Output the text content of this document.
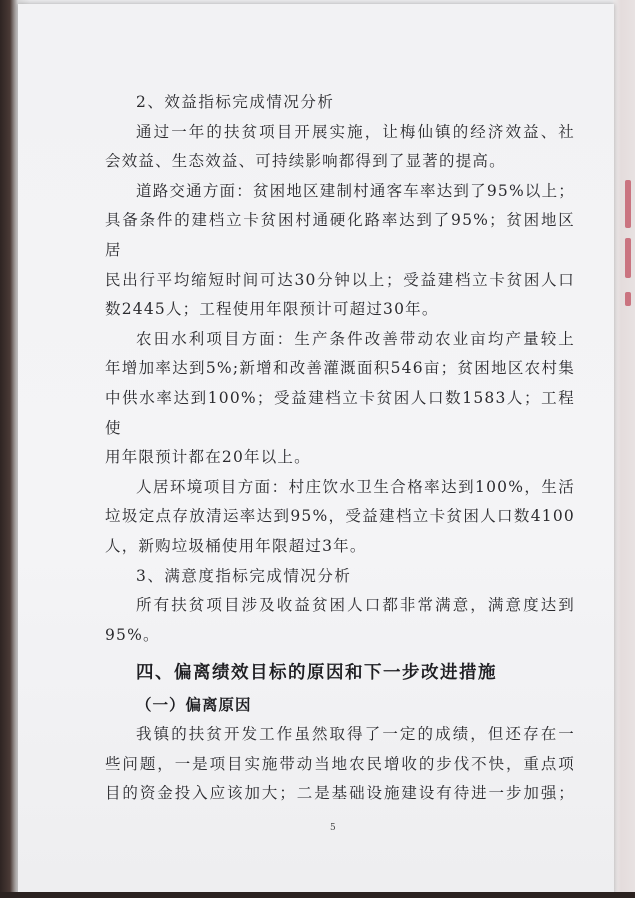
2、效益指标完成情况分析

通过一年的扶贫项目开展实施，让梅仙镇的经济效益、社

会效益、生态效益、可持续影响都得到了显著的提高。

道路交通方面：贫困地区建制村通客车率达到了95%以上；

具备条件的建档立卡贫困村通硬化路率达到了95%；贫困地区居

民出行平均缩短时间可达30分钟以上；受益建档立卡贫困人口

数2445人；工程使用年限预计可超过30年。

农田水利项目方面：生产条件改善带动农业亩均产量较上

年增加率达到5%;新增和改善灌溉面积546亩；贫困地区农村集

中供水率达到100%；受益建档立卡贫困人口数1583人；工程使

用年限预计都在20年以上。

人居环境项目方面：村庄饮水卫生合格率达到100%，生活

垃圾定点存放清运率达到95%，受益建档立卡贫困人口数4100

人，新购垃圾桶使用年限超过3年。

3、满意度指标完成情况分析

所有扶贫项目涉及收益贫困人口都非常满意，满意度达到

95%。

四、偏离绩效目标的原因和下一步改进措施

（一）偏离原因

我镇的扶贫开发工作虽然取得了一定的成绩，但还存在一

些问题，一是项目实施带动当地农民增收的步伐不快，重点项

目的资金投入应该加大；二是基础设施建设有待进一步加强；

5
